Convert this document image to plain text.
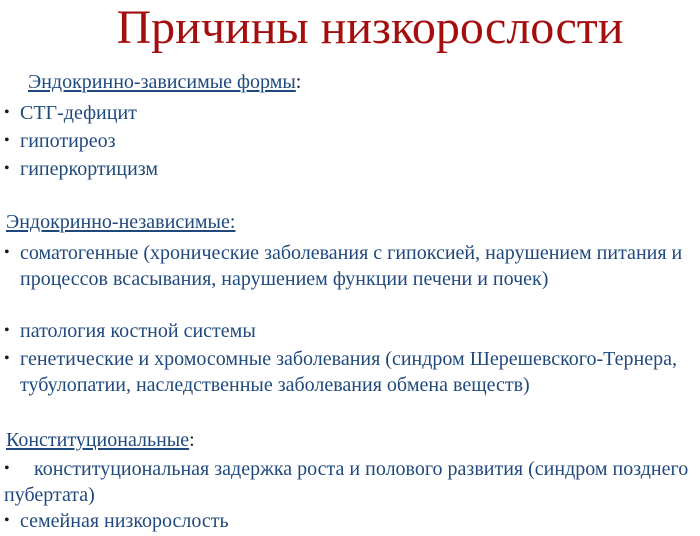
Причины низкорослости
Эндокринно-зависимые формы:
• СТГ-дефицит
• гипотиреоз
• гиперкортицизм
Эндокринно-независимые:
• соматогенные (хронические заболевания с гипоксией, нарушением питания и процессов всасывания, нарушением функции печени и почек)
• патология костной системы
• генетические и хромосомные заболевания (синдром Шерешевского-Тернера, тубулопатии, наследственные заболевания обмена веществ)
Конституциональные:
•	конституциональная задержка роста и полового развития (синдром позднего пубертата)
• семейная низкорослость
